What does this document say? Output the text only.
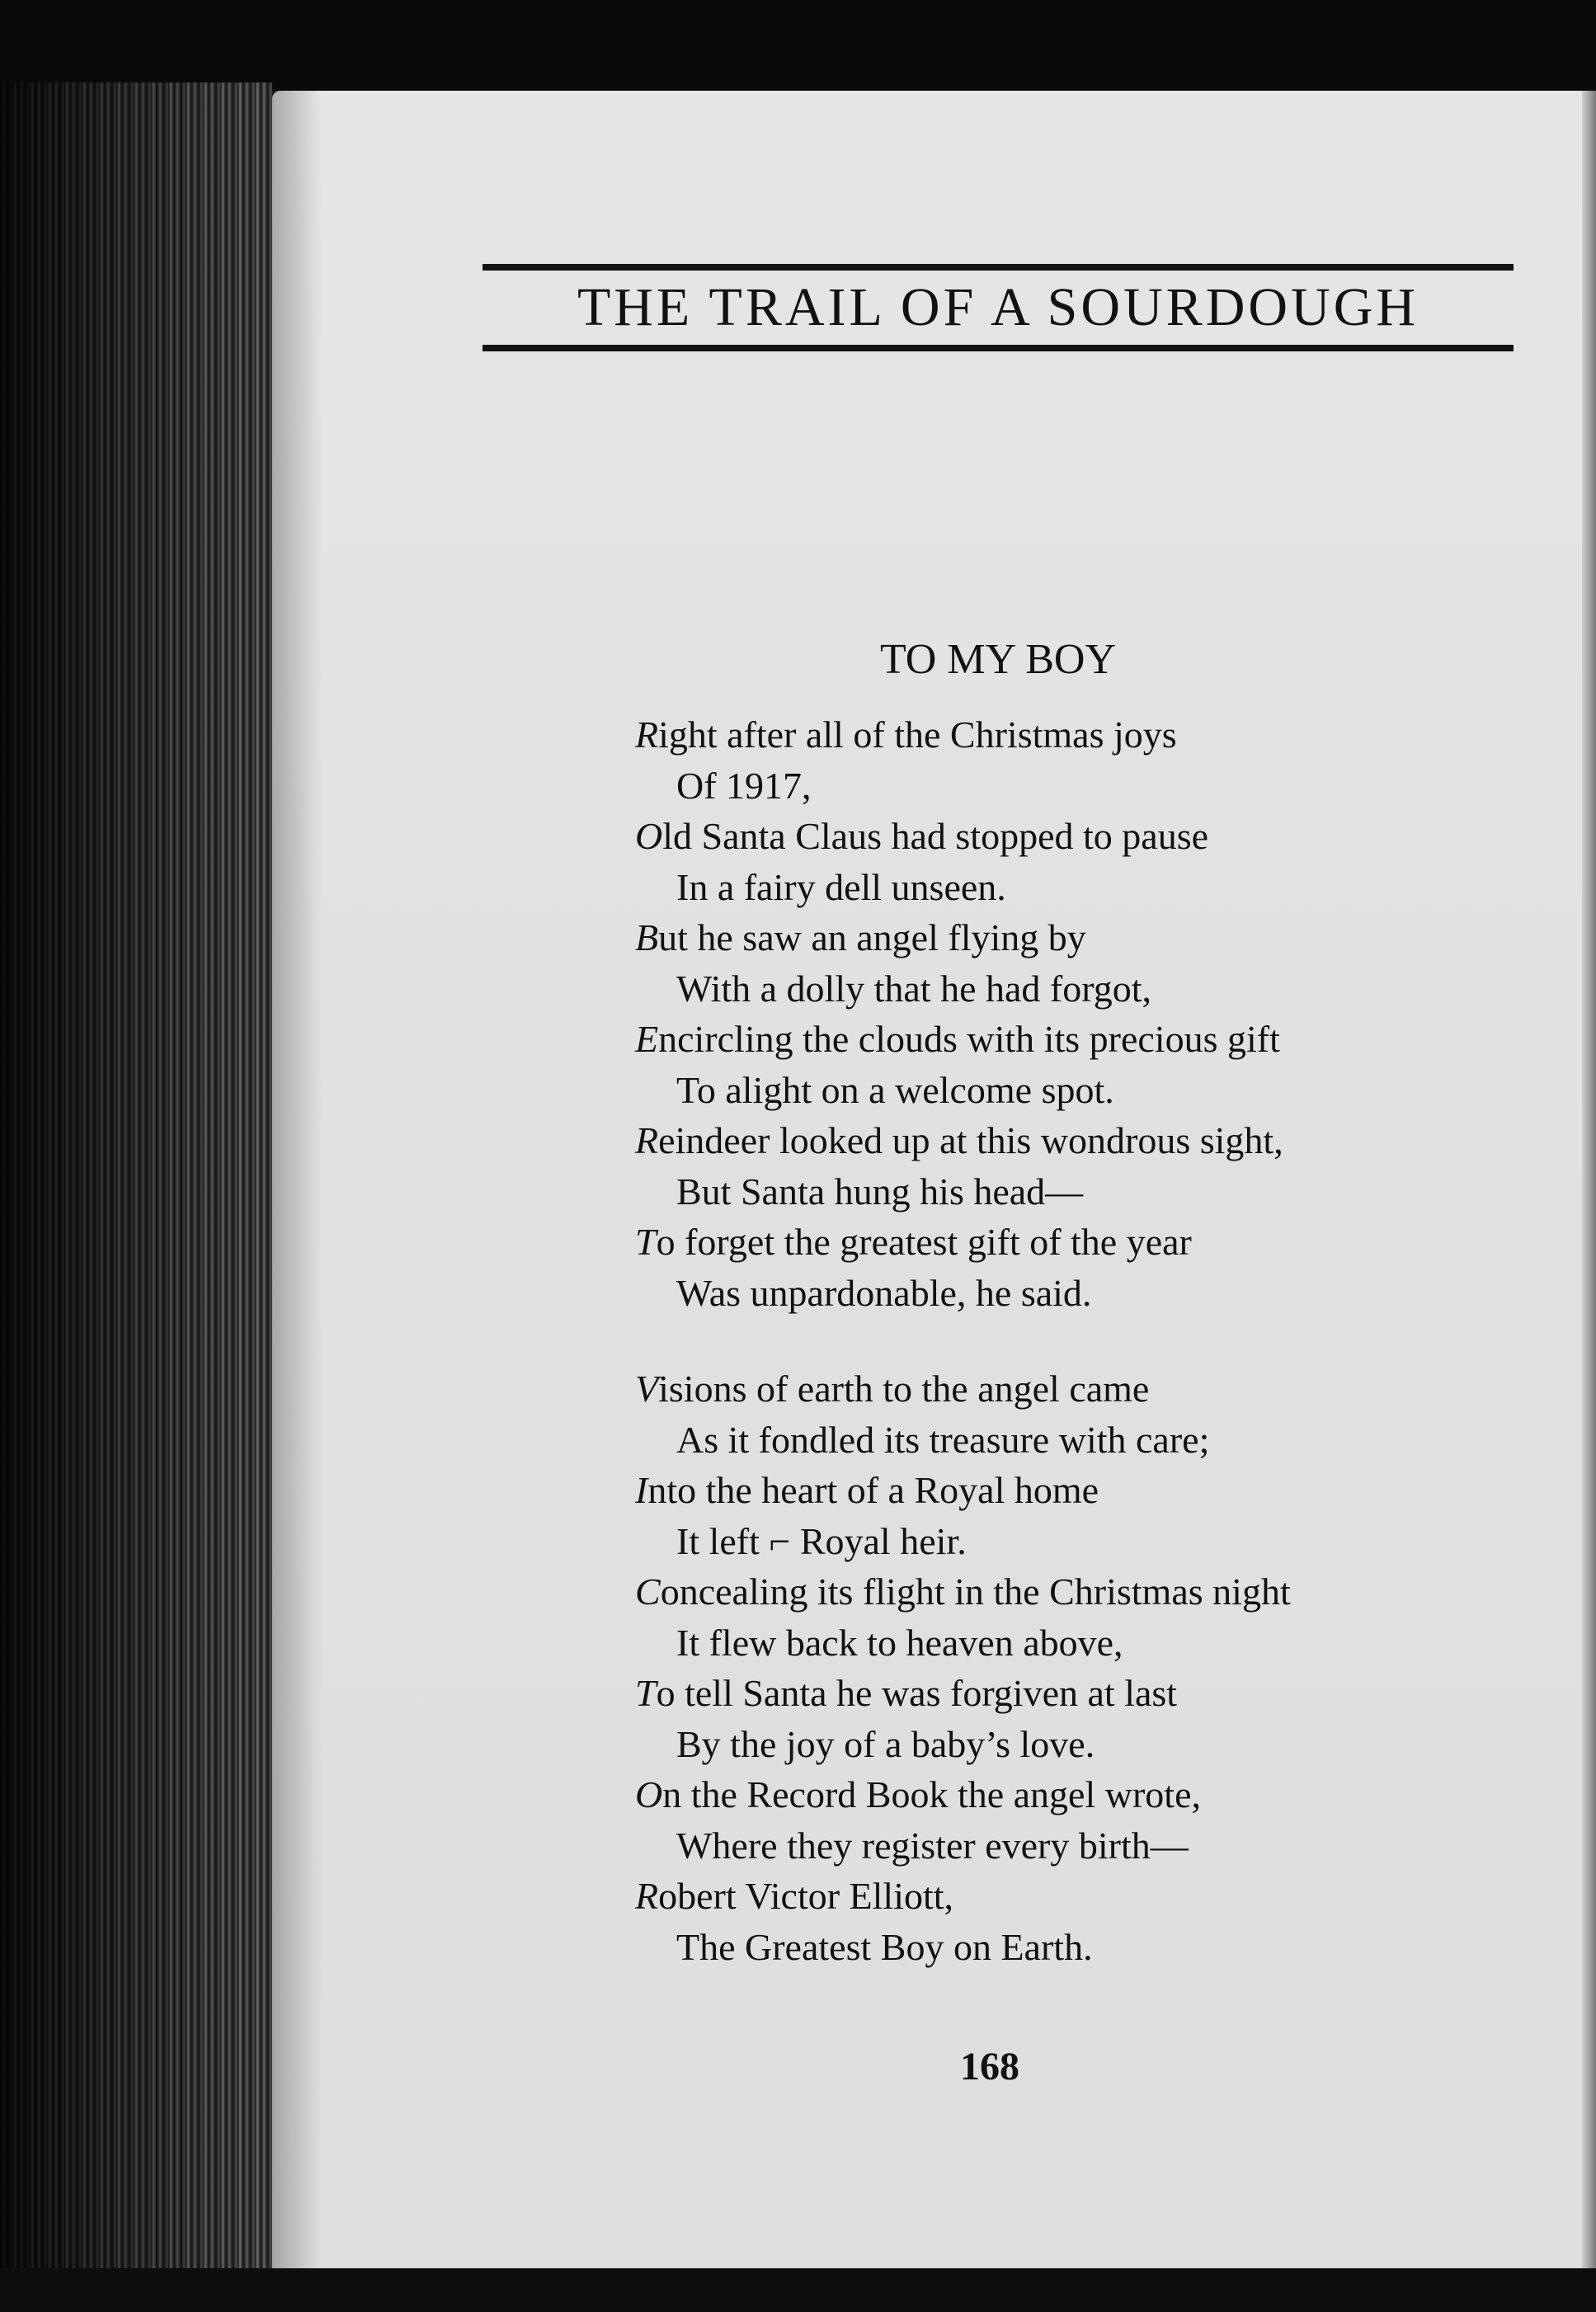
THE TRAIL OF A SOURDOUGH
TO MY BOY
Right after all of the Christmas joys
Of 1917,
Old Santa Claus had stopped to pause
In a fairy dell unseen.
But he saw an angel flying by
With a dolly that he had forgot,
Encircling the clouds with its precious gift
To alight on a welcome spot.
Reindeer looked up at this wondrous sight,
But Santa hung his head—
To forget the greatest gift of the year
Was unpardonable, he said.
Visions of earth to the angel came
As it fondled its treasure with care;
Into the heart of a Royal home
It left ⌐ Royal heir.
Concealing its flight in the Christmas night
It flew back to heaven above,
To tell Santa he was forgiven at last
By the joy of a baby’s love.
On the Record Book the angel wrote,
Where they register every birth—
Robert Victor Elliott,
The Greatest Boy on Earth.
168
